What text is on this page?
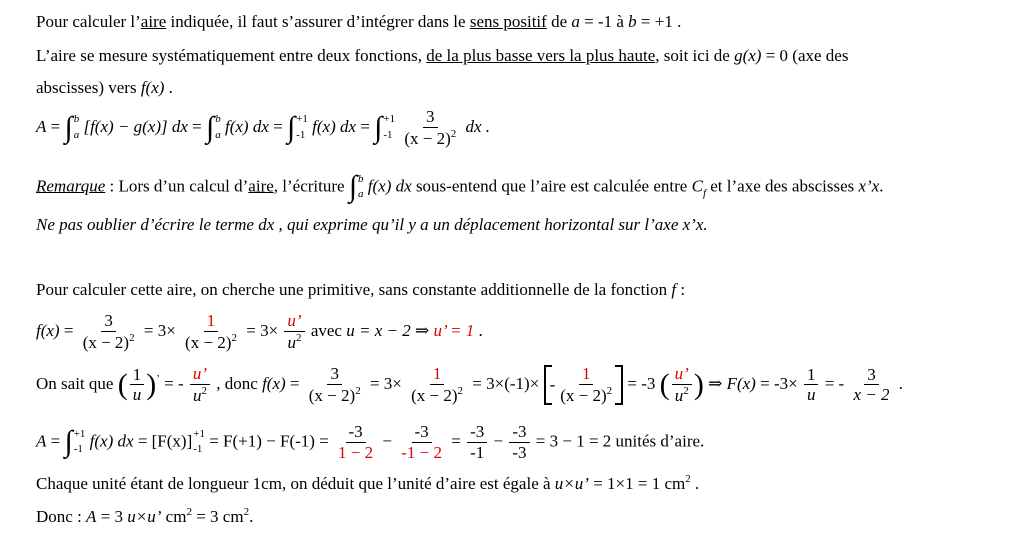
Pour calculer l’aire indiquée, il faut s’assurer d’intégrer dans le sens positif de a = -1 à b = +1 .
L’aire se mesure systématiquement entre deux fonctions, de la plus basse vers la plus haute, soit ici de g(x) = 0 (axe des
abscisses) vers f(x) .
A = ∫ b
a [f(x) − g(x)] dx = ∫ b
a f(x) dx = ∫ +1
-1 f(x) dx = ∫ +1
-1
$\frac{3}{(x - 2)^2}$ dx .
Remarque : Lors d’un calcul d’aire, l’écriture ∫ b
a f(x) dx sous-entend que l’aire est calculée entre $C_f$ et l’axe des abscisses x’x.
Ne pas oublier d’écrire le terme dx , qui exprime qu’il y a un déplacement horizontal sur l’axe x’x.
Pour calculer cette aire, on cherche une primitive, sans constante additionnelle de la fonction f :
$f(x) = \frac{3}{(x - 2)^2} = 3\times \frac{1}{(x - 2)^2} = 3\times \frac{u’}{u^2}$ avec u = x − 2 ⇒ u’ = 1 .
On sait que ( $\frac{1}{u} )^’$ = - $\frac{u’}{u^2}$ , donc $f(x) = \frac{3}{(x - 2)^2} = 3\times \frac{1}{(x - 2)^2} = 3\times(-1)\times - \frac{1}{(x - 2)^2} = -3$ ( $\frac{u’}{u^2}$ ) ⇒ $F(x) = -3\times \frac{1}{u}$ = - $\frac{3}{x - 2}$ .
A = ∫ +1
-1 f(x) dx = [F(x)] +1
$-1 = F(+1) - F(-1) = \frac{-3}{1 - 2} - \frac{-3}{-1 - 2} = \frac{-3}{-1} - \frac{-3}{-3} = 3 - 1 = 2$ unités d’aire.
Chaque unité étant de longueur 1cm, on déduit que l’unité d’aire est égale à u×u’ = 1×1 = 1 $cm^2$ .
Donc : A = 3 u×u’ $cm^2 = 3$ $cm^2$.
